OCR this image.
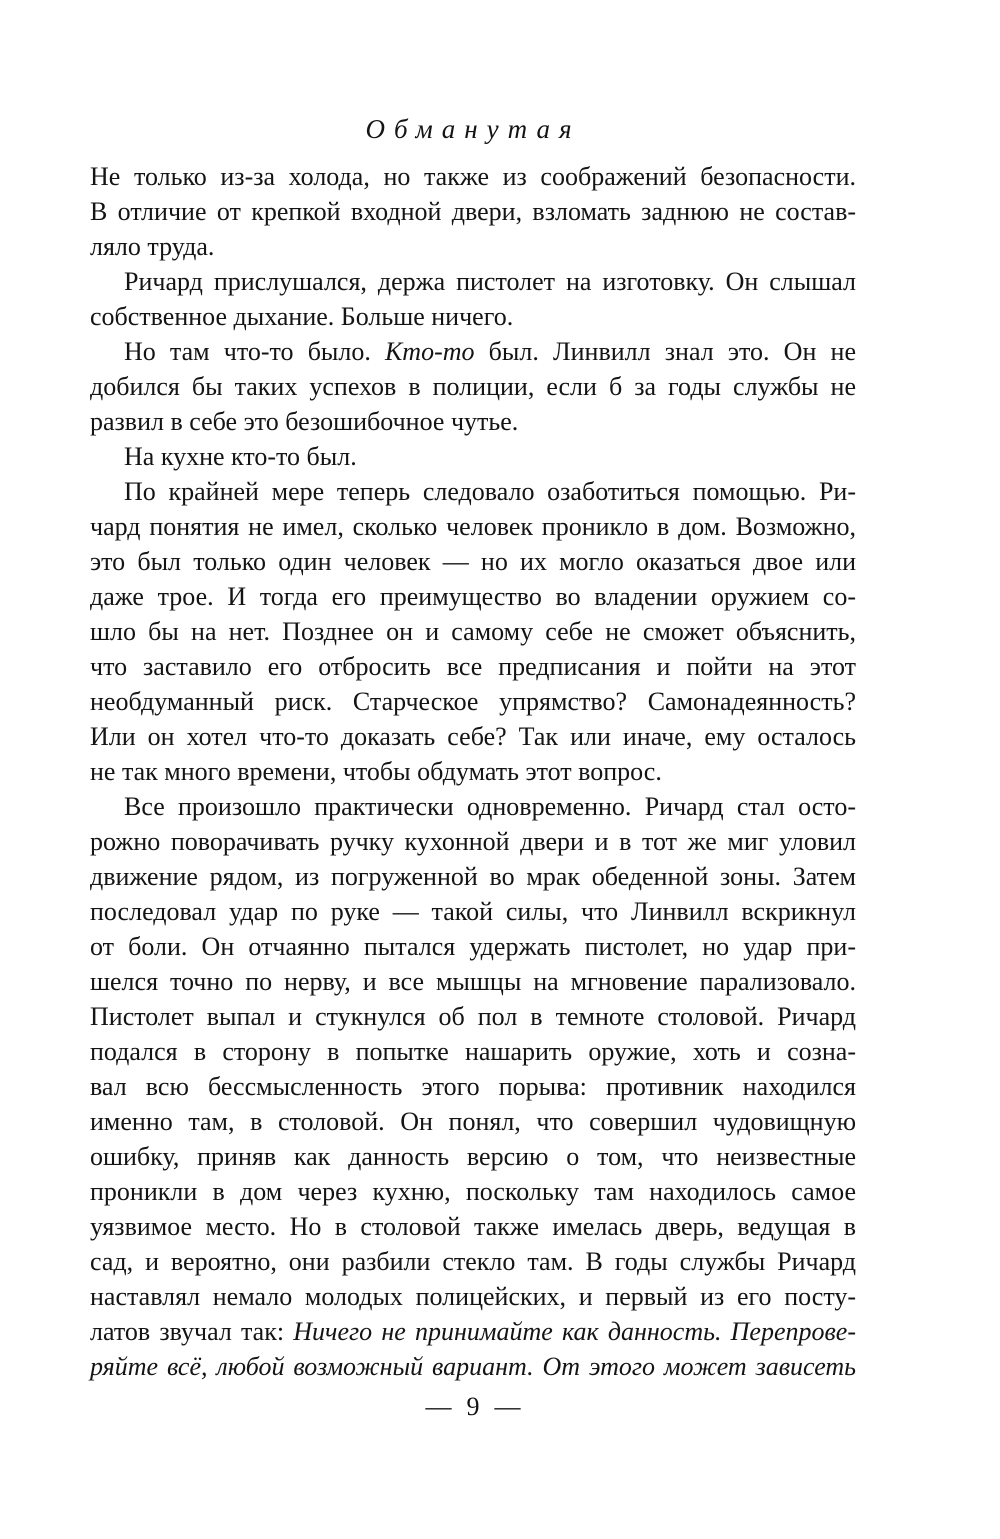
Обманутая
Не только из-за холода, но также из соображений безопасности.
В отличие от крепкой входной двери, взломать заднюю не состав-
ляло труда.
Ричард прислушался, держа пистолет на изготовку. Он слышал
собственное дыхание. Больше ничего.
Но там что-то было. Кто-то был. Линвилл знал это. Он не
добился бы таких успехов в полиции, если б за годы службы не
развил в себе это безошибочное чутье.
На кухне кто-то был.
По крайней мере теперь следовало озаботиться помощью. Ри-
чард понятия не имел, сколько человек проникло в дом. Возможно,
это был только один человек — но их могло оказаться двое или
даже трое. И тогда его преимущество во владении оружием со-
шло бы на нет. Позднее он и самому себе не сможет объяснить,
что заставило его отбросить все предписания и пойти на этот
необдуманный риск. Старческое упрямство? Самонадеянность?
Или он хотел что-то доказать себе? Так или иначе, ему осталось
не так много времени, чтобы обдумать этот вопрос.
Все произошло практически одновременно. Ричард стал осто-
рожно поворачивать ручку кухонной двери и в тот же миг уловил
движение рядом, из погруженной во мрак обеденной зоны. Затем
последовал удар по руке — такой силы, что Линвилл вскрикнул
от боли. Он отчаянно пытался удержать пистолет, но удар при-
шелся точно по нерву, и все мышцы на мгновение парализовало.
Пистолет выпал и стукнулся об пол в темноте столовой. Ричард
подался в сторону в попытке нашарить оружие, хоть и созна-
вал всю бессмысленность этого порыва: противник находился
именно там, в столовой. Он понял, что совершил чудовищную
ошибку, приняв как данность версию о том, что неизвестные
проникли в дом через кухню, поскольку там находилось самое
уязвимое место. Но в столовой также имелась дверь, ведущая в
сад, и вероятно, они разбили стекло там. В годы службы Ричард
наставлял немало молодых полицейских, и первый из его посту-
латов звучал так: Ничего не принимайте как данность. Перепрове-
ряйте всё, любой возможный вариант. От этого может зависеть
— 9 —
